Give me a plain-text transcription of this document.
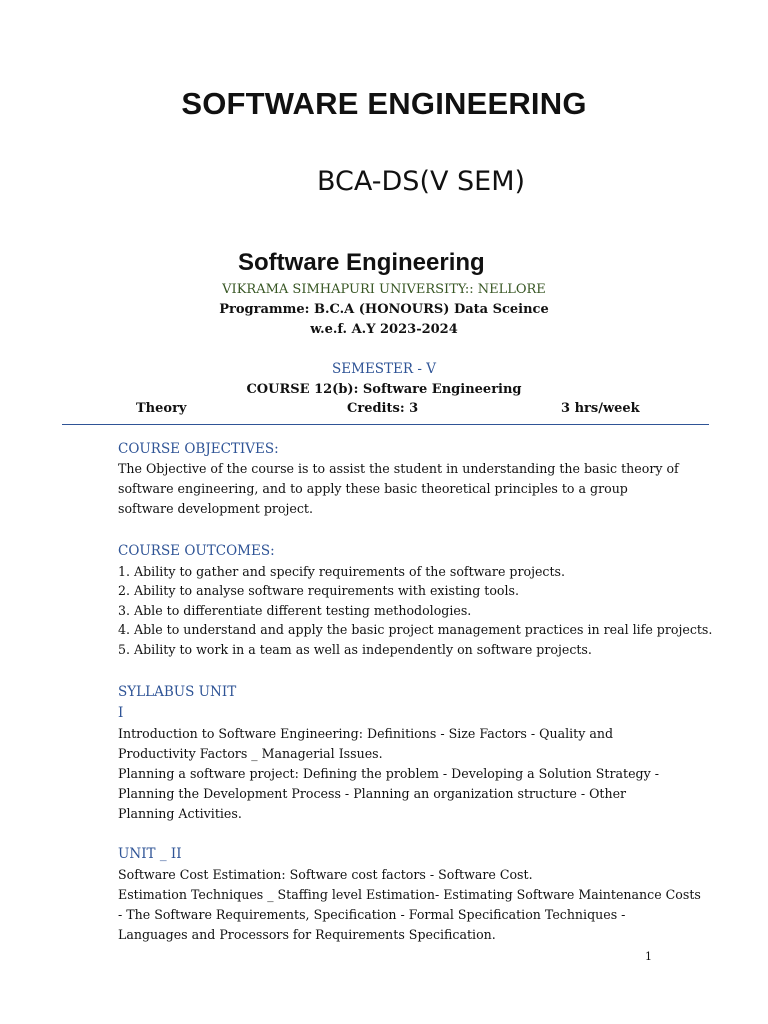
SOFTWARE ENGINEERING
BCA-DS(V SEM)
Software Engineering
VIKRAMA SIMHAPURI UNIVERSITY:: NELLORE
Programme: B.C.A (HONOURS) Data Sceince
w.e.f. A.Y 2023-2024
SEMESTER - V
COURSE 12(b): Software Engineering
Theory	Credits: 3	3 hrs/week
COURSE OBJECTIVES:
The Objective of the course is to assist the student in understanding the basic theory of
software engineering, and to apply these basic theoretical principles to a group
software development project.
COURSE OUTCOMES:
1. Ability to gather and specify requirements of the software projects.
2. Ability to analyse software requirements with existing tools.
3. Able to differentiate different testing methodologies.
4. Able to understand and apply the basic project management practices in real life projects.
5. Ability to work in a team as well as independently on software projects.
SYLLABUS UNIT
I
Introduction to Software Engineering: Definitions - Size Factors - Quality and
Productivity Factors _ Managerial Issues.
Planning a software project: Defining the problem - Developing a Solution Strategy -
Planning the Development Process - Planning an organization structure - Other
Planning Activities.
UNIT _ II
Software Cost Estimation: Software cost factors - Software Cost.
Estimation Techniques _ Staffing level Estimation- Estimating Software Maintenance Costs
- The Software Requirements, Specification - Formal Specification Techniques -
Languages and Processors for Requirements Specification.
1
